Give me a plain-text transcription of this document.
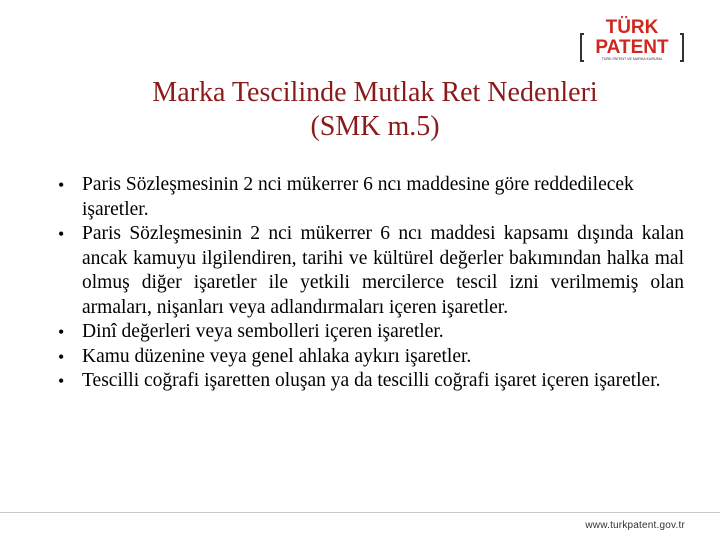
TÜRK
PATENT
TÜRK PATENT VE MARKA KURUMU
Marka Tescilinde Mutlak Ret Nedenleri
(SMK m.5)
• Paris Sözleşmesinin 2 nci mükerrer 6 ncı maddesine göre reddedilecek işaretler.
• Paris Sözleşmesinin 2 nci mükerrer 6 ncı maddesi kapsamı dışında kalan ancak kamuyu ilgilendiren, tarihi ve kültürel değerler bakımından halka mal olmuş diğer işaretler ile yetkili mercilerce tescil izni verilmemiş olan armaları, nişanları veya adlandırmaları içeren işaretler.
• Dinî değerleri veya sembolleri içeren işaretler.
• Kamu düzenine veya genel ahlaka aykırı işaretler.
• Tescilli coğrafi işaretten oluşan ya da tescilli coğrafi işaret içeren işaretler.
www.turkpatent.gov.tr
